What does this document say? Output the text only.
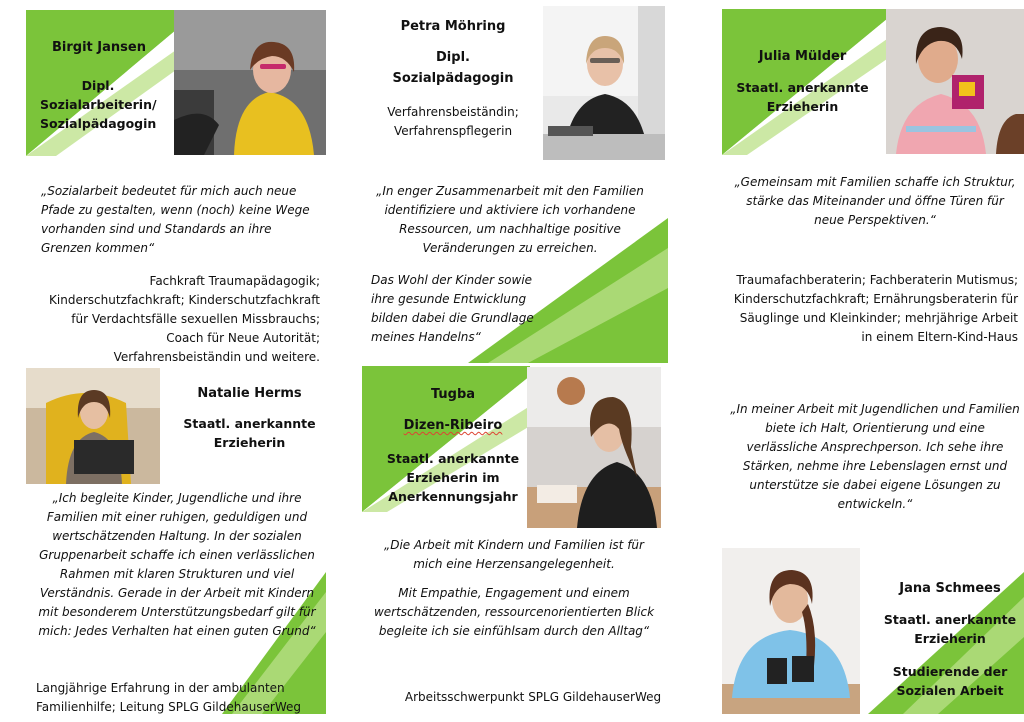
Birgit Jansen
Dipl. Sozialarbeiterin/ Sozialpädagogin
„Sozialarbeit bedeutet für mich auch neue Pfade zu gestalten, wenn (noch) keine Wege vorhanden sind und Standards an ihre Grenzen kommen“
Fachkraft Traumapädagogik; Kinderschutzfachkraft; Kinderschutzfachkraft für Verdachtsfälle sexuellen Missbrauchs; Coach für Neue Autorität; Verfahrensbeiständin und weitere.
Petra Möhring
Dipl. Sozialpädagogin
Verfahrensbeiständin; Verfahrenspflegerin
„In enger Zusammenarbeit mit den Familien identifiziere und aktiviere ich vorhandene Ressourcen, um nachhaltige positive Veränderungen zu erreichen.
Das Wohl der Kinder sowie ihre gesunde Entwicklung bilden dabei die Grundlage meines Handelns“
Julia Mülder
Staatl. anerkannte Erzieherin
„Gemeinsam mit Familien schaffe ich Struktur, stärke das Miteinander und öffne Türen für neue Perspektiven.“
Traumafachberaterin; Fachberaterin Mutismus; Kinderschutzfachkraft; Ernährungsberaterin für Säuglinge und Kleinkinder; mehrjährige Arbeit in einem Eltern-Kind-Haus
Natalie Herms
Staatl. anerkannte Erzieherin
„Ich begleite Kinder, Jugendliche und ihre Familien mit einer ruhigen, geduldigen und wertschätzenden Haltung. In der sozialen Gruppenarbeit schaffe ich einen verlässlichen Rahmen mit klaren Strukturen und viel Verständnis. Gerade in der Arbeit mit Kindern mit besonderem Unterstützungsbedarf gilt für mich: Jedes Verhalten hat einen guten Grund“
Langjährige Erfahrung in der ambulanten Familienhilfe; Leitung SPLG GildehauserWeg
Tugba
Dizen-Ribeiro
Staatl. anerkannte Erzieherin im Anerkennungsjahr
„Die Arbeit mit Kindern und Familien ist für mich eine Herzensangelegenheit.
Mit Empathie, Engagement und einem wertschätzenden, ressourcenorientierten Blick begleite ich sie einfühlsam durch den Alltag“
Arbeitsschwerpunkt SPLG GildehauserWeg
„In meiner Arbeit mit Jugendlichen und Familien biete ich Halt, Orientierung und eine verlässliche Ansprechperson. Ich sehe ihre Stärken, nehme ihre Lebenslagen ernst und unterstütze sie dabei eigene Lösungen zu entwickeln.“
Jana Schmees
Staatl. anerkannte Erzieherin
Studierende der Sozialen Arbeit
